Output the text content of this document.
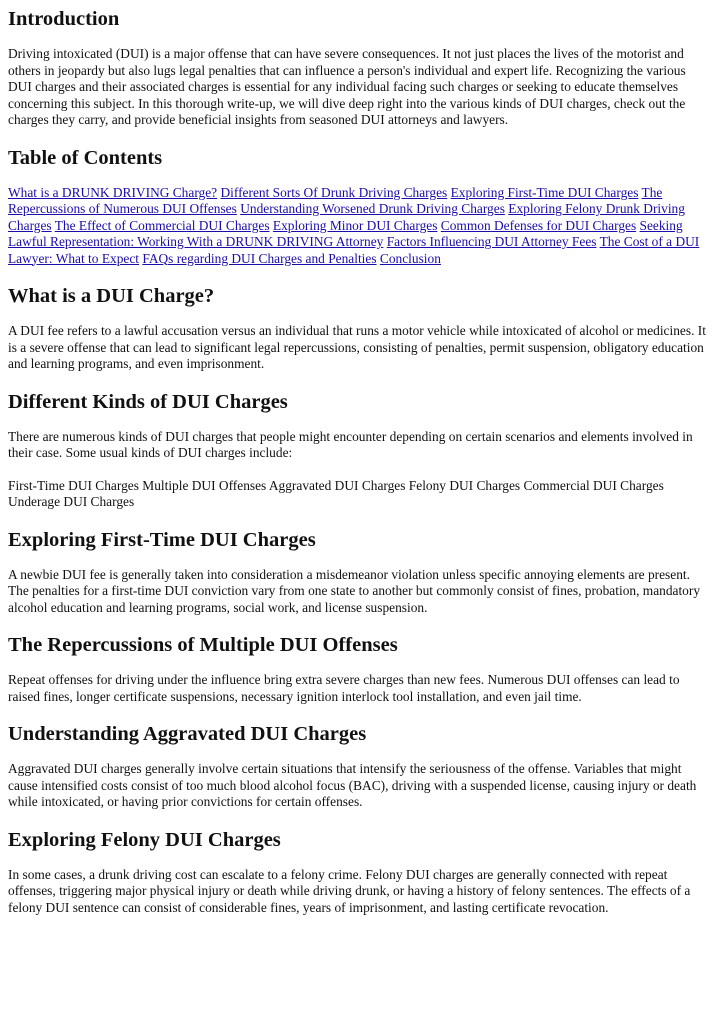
Introduction

Driving intoxicated (DUI) is a major offense that can have severe consequences. It not just places the lives of the motorist and others in jeopardy but also lugs legal penalties that can influence a person's individual and expert life. Recognizing the various DUI charges and their associated charges is essential for any individual facing such charges or seeking to educate themselves concerning this subject. In this thorough write-up, we will dive deep right into the various kinds of DUI charges, check out the charges they carry, and provide beneficial insights from seasoned DUI attorneys and lawyers.

Table of Contents

What is a DRUNK DRIVING Charge? Different Sorts Of Drunk Driving Charges Exploring First-Time DUI Charges The Repercussions of Numerous DUI Offenses Understanding Worsened Drunk Driving Charges Exploring Felony Drunk Driving Charges The Effect of Commercial DUI Charges Exploring Minor DUI Charges Common Defenses for DUI Charges Seeking Lawful Representation: Working With a DRUNK DRIVING Attorney Factors Influencing DUI Attorney Fees The Cost of a DUI Lawyer: What to Expect FAQs regarding DUI Charges and Penalties Conclusion

What is a DUI Charge?

A DUI fee refers to a lawful accusation versus an individual that runs a motor vehicle while intoxicated of alcohol or medicines. It is a severe offense that can lead to significant legal repercussions, consisting of penalties, permit suspension, obligatory education and learning programs, and even imprisonment.

Different Kinds of DUI Charges

There are numerous kinds of DUI charges that people might encounter depending on certain scenarios and elements involved in their case. Some usual kinds of DUI charges include:

First-Time DUI Charges Multiple DUI Offenses Aggravated DUI Charges Felony DUI Charges Commercial DUI Charges Underage DUI Charges

Exploring First-Time DUI Charges

A newbie DUI fee is generally taken into consideration a misdemeanor violation unless specific annoying elements are present. The penalties for a first-time DUI conviction vary from one state to another but commonly consist of fines, probation, mandatory alcohol education and learning programs, social work, and license suspension.

The Repercussions of Multiple DUI Offenses

Repeat offenses for driving under the influence bring extra severe charges than new fees. Numerous DUI offenses can lead to raised fines, longer certificate suspensions, necessary ignition interlock tool installation, and even jail time.

Understanding Aggravated DUI Charges

Aggravated DUI charges generally involve certain situations that intensify the seriousness of the offense. Variables that might cause intensified costs consist of too much blood alcohol focus (BAC), driving with a suspended license, causing injury or death while intoxicated, or having prior convictions for certain offenses.

Exploring Felony DUI Charges

In some cases, a drunk driving cost can escalate to a felony crime. Felony DUI charges are generally connected with repeat offenses, triggering major physical injury or death while driving drunk, or having a history of felony sentences. The effects of a felony DUI sentence can consist of considerable fines, years of imprisonment, and lasting certificate revocation.
